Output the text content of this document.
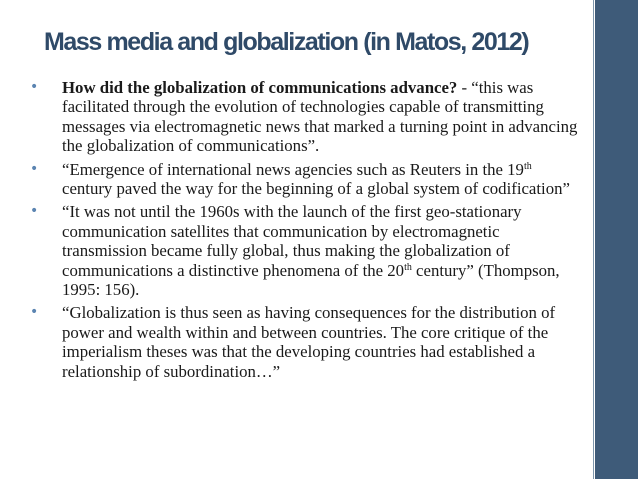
Mass media and globalization (in Matos, 2012)
• How did the globalization of communications advance? - “this was facilitated through the evolution of technologies capable of transmitting messages via electromagnetic news that marked a turning point in advancing the globalization of communications”.
• “Emergence of international news agencies such as Reuters in the 19th century paved the way for the beginning of a global system of codification”
• “It was not until the 1960s with the launch of the first geo-stationary communication satellites that communication by electromagnetic transmission became fully global, thus making the globalization of communications a distinctive phenomena of the 20th century” (Thompson, 1995: 156).
• “Globalization is thus seen as having consequences for the distribution of power and wealth within and between countries. The core critique of the imperialism theses was that the developing countries had established a relationship of subordination…”
